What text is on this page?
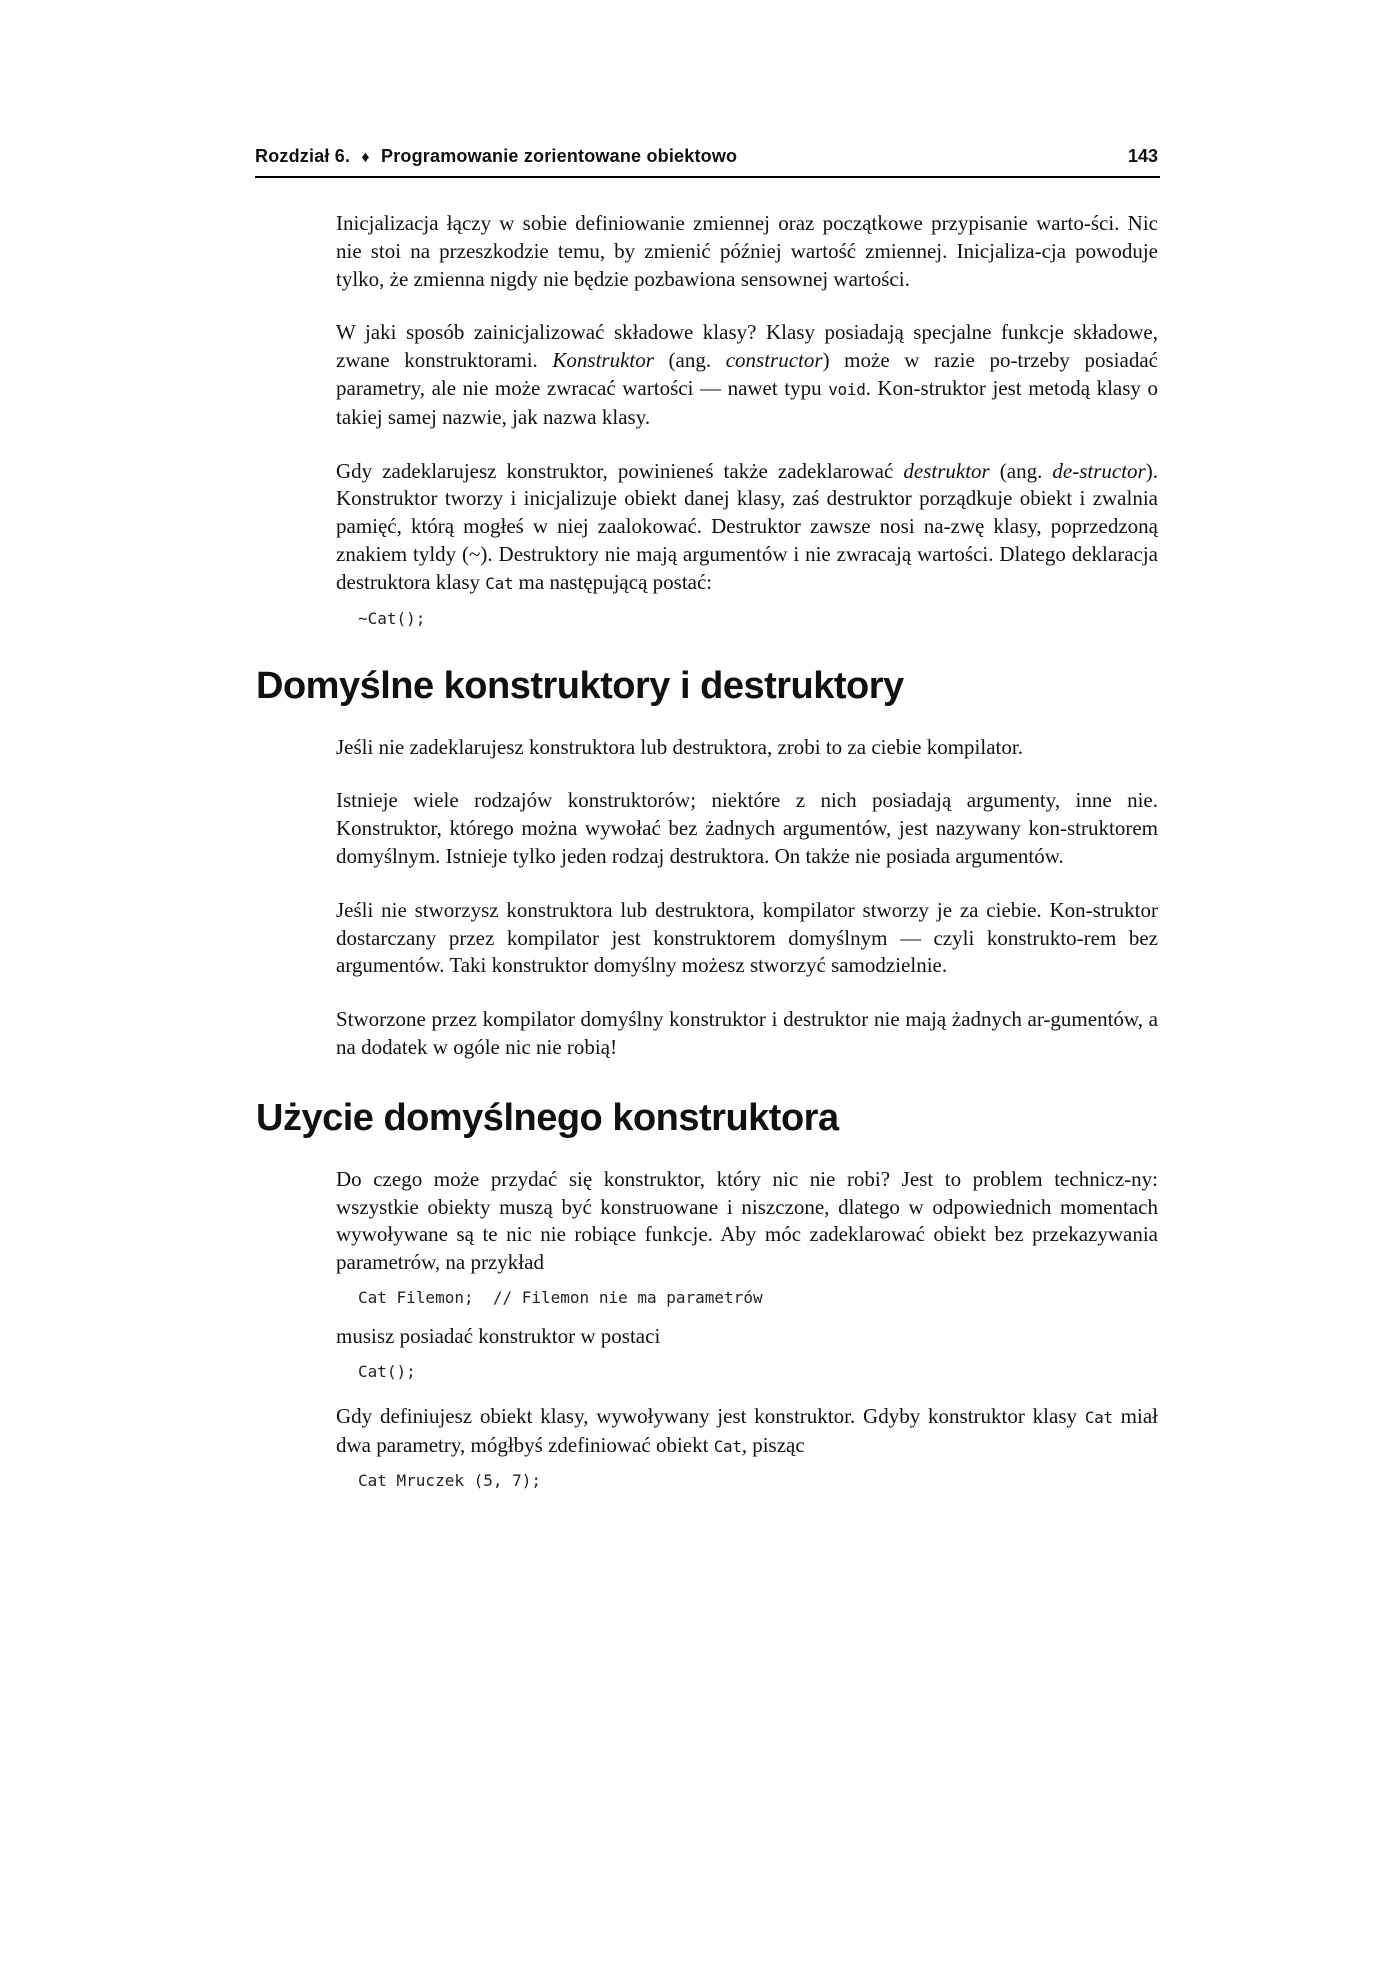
Rozdział 6. ♦ Programowanie zorientowane obiektowo	143

Inicjalizacja łączy w sobie definiowanie zmiennej oraz początkowe przypisanie warto-ści. Nic nie stoi na przeszkodzie temu, by zmienić później wartość zmiennej. Inicjaliza-cja powoduje tylko, że zmienna nigdy nie będzie pozbawiona sensownej wartości.

W jaki sposób zainicjalizować składowe klasy? Klasy posiadają specjalne funkcje składowe, zwane konstruktorami. Konstruktor (ang. constructor) może w razie po-trzeby posiadać parametry, ale nie może zwracać wartości — nawet typu void. Kon-struktor jest metodą klasy o takiej samej nazwie, jak nazwa klasy.

Gdy zadeklarujesz konstruktor, powinieneś także zadeklarować destruktor (ang. de-structor). Konstruktor tworzy i inicjalizuje obiekt danej klasy, zaś destruktor porządkuje obiekt i zwalnia pamięć, którą mogłeś w niej zaalokować. Destruktor zawsze nosi na-zwę klasy, poprzedzoną znakiem tyldy (~). Destruktory nie mają argumentów i nie zwracają wartości. Dlatego deklaracja destruktora klasy Cat ma następującą postać:

~Cat();
Domyślne konstruktory i destruktory

Jeśli nie zadeklarujesz konstruktora lub destruktora, zrobi to za ciebie kompilator.

Istnieje wiele rodzajów konstruktorów; niektóre z nich posiadają argumenty, inne nie. Konstruktor, którego można wywołać bez żadnych argumentów, jest nazywany kon-struktorem domyślnym. Istnieje tylko jeden rodzaj destruktora. On także nie posiada argumentów.

Jeśli nie stworzysz konstruktora lub destruktora, kompilator stworzy je za ciebie. Kon-struktor dostarczany przez kompilator jest konstruktorem domyślnym — czyli konstrukto-rem bez argumentów. Taki konstruktor domyślny możesz stworzyć samodzielnie.

Stworzone przez kompilator domyślny konstruktor i destruktor nie mają żadnych ar-gumentów, a na dodatek w ogóle nic nie robią!

Użycie domyślnego konstruktora

Do czego może przydać się konstruktor, który nic nie robi? Jest to problem technicz-ny: wszystkie obiekty muszą być konstruowane i niszczone, dlatego w odpowiednich momentach wywoływane są te nic nie robiące funkcje. Aby móc zadeklarować obiekt bez przekazywania parametrów, na przykład

Cat Filemon;  // Filemon nie ma parametrów

musisz posiadać konstruktor w postaci

Cat();

Gdy definiujesz obiekt klasy, wywoływany jest konstruktor. Gdyby konstruktor klasy Cat miał dwa parametry, mógłbyś zdefiniować obiekt Cat, pisząc

Cat Mruczek (5, 7);
